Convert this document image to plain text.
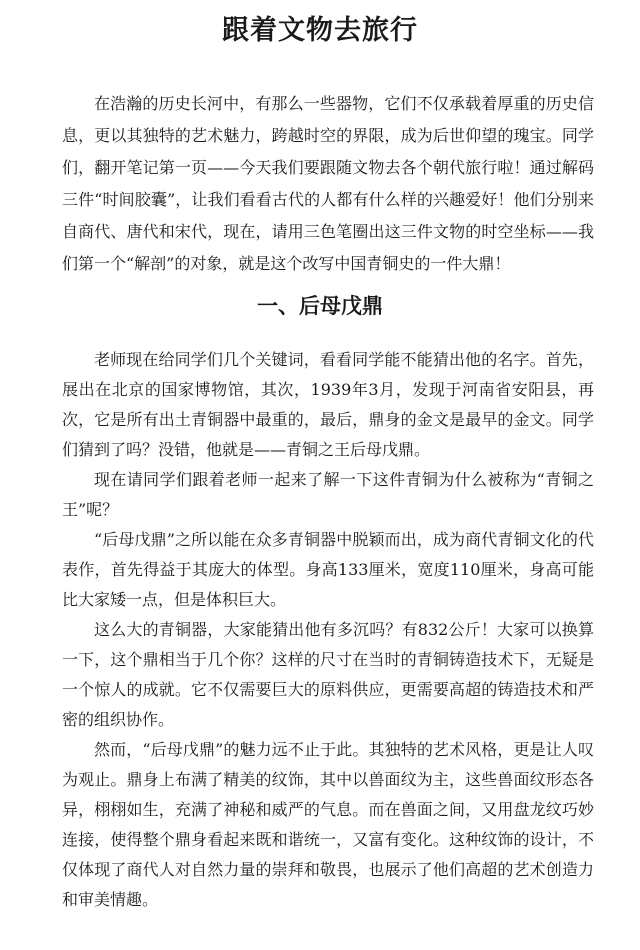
跟着文物去旅行

在浩瀚的历史长河中，有那么一些器物，它们不仅承载着厚重的历史信息，更以其独特的艺术魅力，跨越时空的界限，成为后世仰望的瑰宝。同学们，翻开笔记第一页——今天我们要跟随文物去各个朝代旅行啦！通过解码三件“时间胶囊”，让我们看看古代的人都有什么样的兴趣爱好！他们分别来自商代、唐代和宋代，现在，请用三色笔圈出这三件文物的时空坐标——我们第一个“解剖”的对象，就是这个改写中国青铜史的一件大鼎！

一、后母戊鼎

老师现在给同学们几个关键词，看看同学能不能猜出他的名字。首先，展出在北京的国家博物馆，其次，1939年3月，发现于河南省安阳县，再次，它是所有出土青铜器中最重的，最后，鼎身的金文是最早的金文。同学们猜到了吗？没错，他就是——青铜之王后母戊鼎。

现在请同学们跟着老师一起来了解一下这件青铜为什么被称为“青铜之王”呢？

“后母戊鼎”之所以能在众多青铜器中脱颖而出，成为商代青铜文化的代表作，首先得益于其庞大的体型。身高133厘米，宽度110厘米，身高可能比大家矮一点，但是体积巨大。

这么大的青铜器，大家能猜出他有多沉吗？有832公斤！大家可以换算一下，这个鼎相当于几个你？这样的尺寸在当时的青铜铸造技术下，无疑是一个惊人的成就。它不仅需要巨大的原料供应，更需要高超的铸造技术和严密的组织协作。

然而，“后母戊鼎”的魅力远不止于此。其独特的艺术风格，更是让人叹为观止。鼎身上布满了精美的纹饰，其中以兽面纹为主，这些兽面纹形态各异，栩栩如生，充满了神秘和威严的气息。而在兽面之间，又用盘龙纹巧妙连接，使得整个鼎身看起来既和谐统一，又富有变化。这种纹饰的设计，不仅体现了商代人对自然力量的崇拜和敬畏，也展示了他们高超的艺术创造力和审美情趣。
